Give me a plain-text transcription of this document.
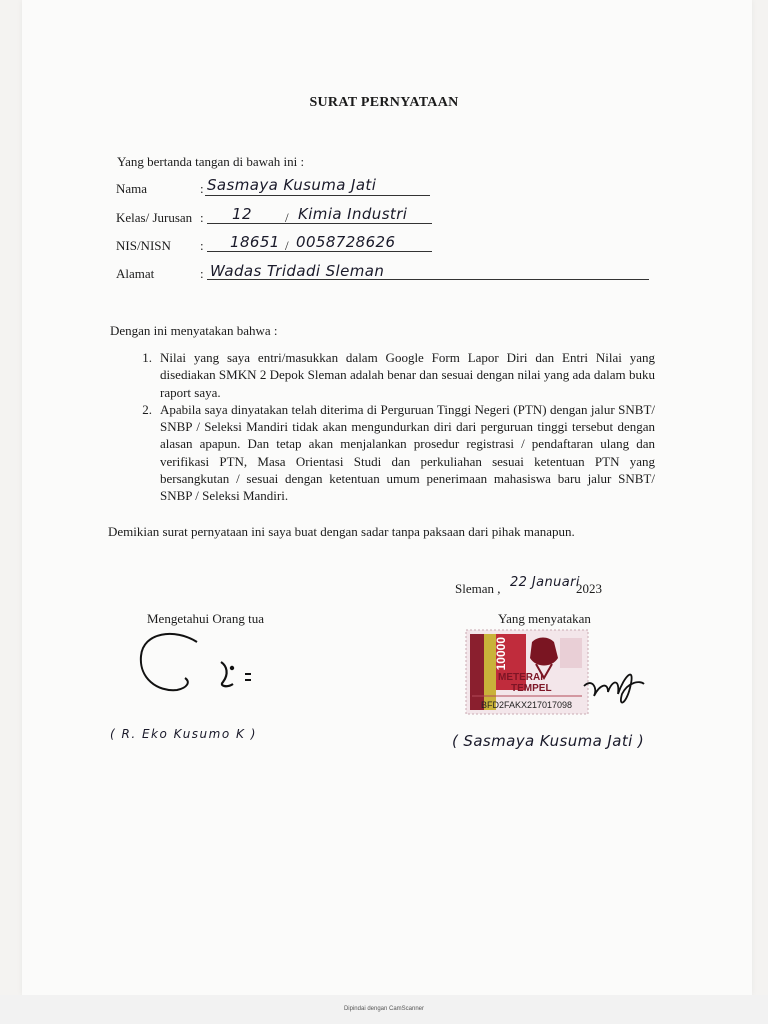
SURAT PERNYATAAN
Yang bertanda tangan di bawah ini :
Nama	: Sasmaya Kusuma Jati
Kelas/ Jurusan : 12	/ Kimia Industri
NIS/NISN : 18651 / 0058728626
Alamat	: Wadas Tridadi Sleman
Dengan ini menyatakan bahwa :
1. Nilai yang saya entri/masukkan dalam Google Form Lapor Diri dan Entri Nilai yang disediakan SMKN 2 Depok Sleman adalah benar dan sesuai dengan nilai yang ada dalam buku raport saya.
2. Apabila saya dinyatakan telah diterima di Perguruan Tinggi Negeri (PTN) dengan jalur SNBT/ SNBP / Seleksi Mandiri tidak akan mengundurkan diri dari perguruan tinggi tersebut dengan alasan apapun. Dan tetap akan menjalankan prosedur registrasi / pendaftaran ulang dan verifikasi PTN, Masa Orientasi Studi dan perkuliahan sesuai ketentuan PTN yang bersangkutan / sesuai dengan ketentuan umum penerimaan mahasiswa baru jalur SNBT/ SNBP / Seleksi Mandiri.
Demikian surat pernyataan ini saya buat dengan sadar tanpa paksaan dari pihak manapun.
Sleman , 22 Januari
2023
Mengetahui Orang tua	Yang menyatakan
METERAI
TEMPEL
10000
BFD2FAKX217017098
( R. Eko Kusumo K )	( Sasmaya Kusuma Jati )
Dipindai dengan CamScanner
